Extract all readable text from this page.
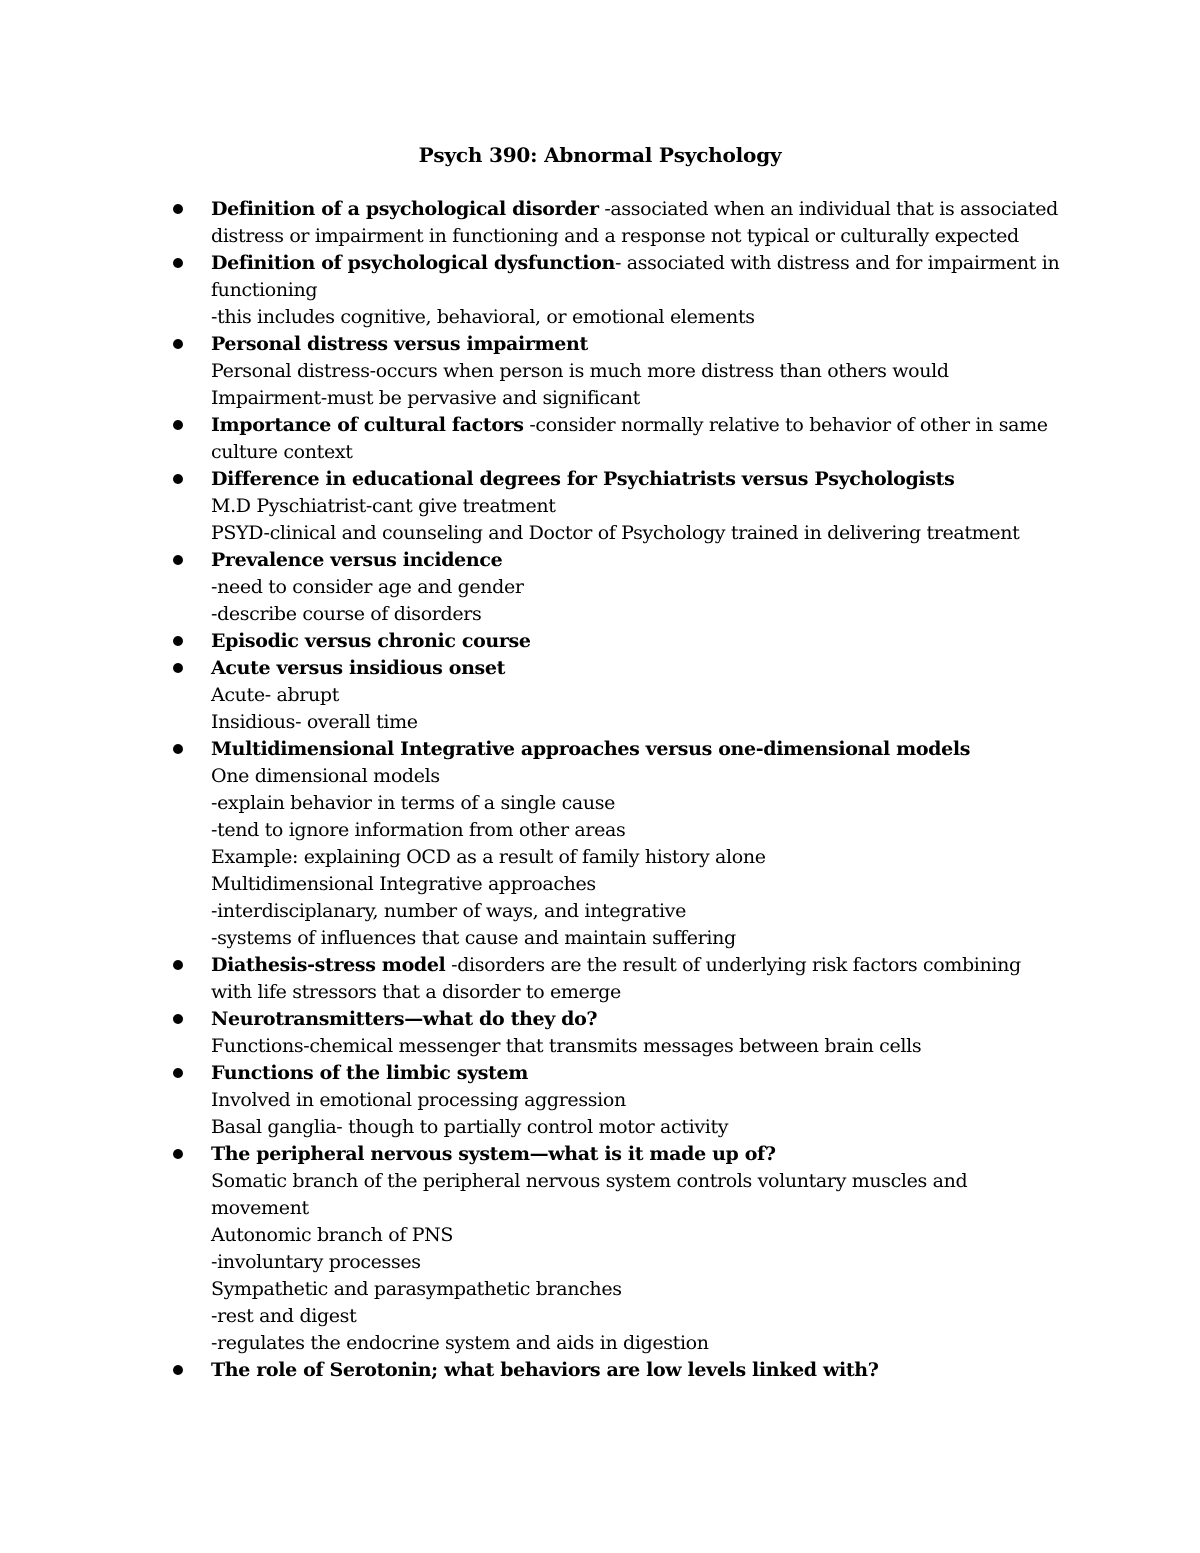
Psych 390: Abnormal Psychology
Definition of a psychological disorder -associated when an individual that is associated
distress or impairment in functioning and a response not typical or culturally expected
Definition of psychological dysfunction- associated with distress and for impairment in
functioning
-this includes cognitive, behavioral, or emotional elements
Personal distress versus impairment
Personal distress-occurs when person is much more distress than others would
Impairment-must be pervasive and significant
Importance of cultural factors -consider normally relative to behavior of other in same
culture context
Difference in educational degrees for Psychiatrists versus Psychologists
M.D Pyschiatrist-cant give treatment
PSYD-clinical and counseling and Doctor of Psychology trained in delivering treatment
Prevalence versus incidence
-need to consider age and gender
-describe course of disorders
Episodic versus chronic course
Acute versus insidious onset
Acute- abrupt
Insidious- overall time
Multidimensional Integrative approaches versus one-dimensional models
One dimensional models
-explain behavior in terms of a single cause
-tend to ignore information from other areas
Example: explaining OCD as a result of family history alone
Multidimensional Integrative approaches
-interdisciplanary, number of ways, and integrative
-systems of influences that cause and maintain suffering
Diathesis-stress model -disorders are the result of underlying risk factors combining
with life stressors that a disorder to emerge
Neurotransmitters—what do they do?
Functions-chemical messenger that transmits messages between brain cells
Functions of the limbic system
Involved in emotional processing aggression
Basal ganglia- though to partially control motor activity
The peripheral nervous system—what is it made up of?
Somatic branch of the peripheral nervous system controls voluntary muscles and
movement
Autonomic branch of PNS
-involuntary processes
Sympathetic and parasympathetic branches
-rest and digest
-regulates the endocrine system and aids in digestion
The role of Serotonin; what behaviors are low levels linked with?
